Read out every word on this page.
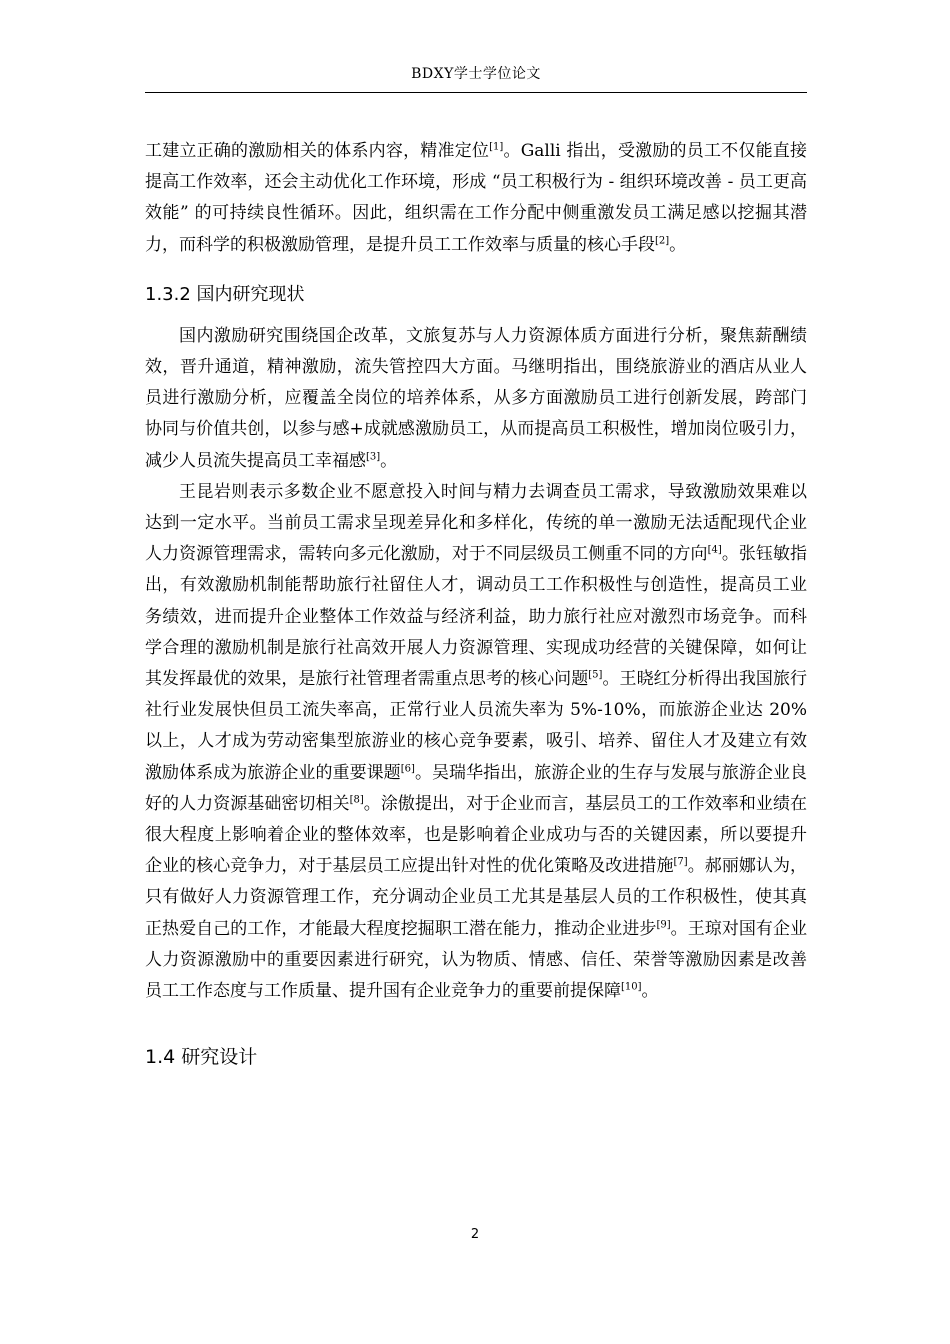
BDXY学士学位论文

工建立正确的激励相关的体系内容，精准定位[1]。Galli 指出，受激励的员工不仅能直接提高工作效率，还会主动优化工作环境，形成 “员工积极行为 - 组织环境改善 - 员工更高效能” 的可持续良性循环。因此，组织需在工作分配中侧重激发员工满足感以挖掘其潜力，而科学的积极激励管理，是提升员工工作效率与质量的核心手段[2]。

1.3.2 国内研究现状

国内激励研究围绕国企改革，文旅复苏与人力资源体质方面进行分析，聚焦薪酬绩效，晋升通道，精神激励，流失管控四大方面。马继明指出，围绕旅游业的酒店从业人员进行激励分析，应覆盖全岗位的培养体系，从多方面激励员工进行创新发展，跨部门协同与价值共创，以参与感+成就感激励员工，从而提高员工积极性，增加岗位吸引力，减少人员流失提高员工幸福感[3]。

王昆岩则表示多数企业不愿意投入时间与精力去调查员工需求，导致激励效果难以达到一定水平。当前员工需求呈现差异化和多样化，传统的单一激励无法适配现代企业人力资源管理需求，需转向多元化激励，对于不同层级员工侧重不同的方向[4]。张钰敏指出，有效激励机制能帮助旅行社留住人才，调动员工工作积极性与创造性，提高员工业务绩效，进而提升企业整体工作效益与经济利益，助力旅行社应对激烈市场竞争。而科学合理的激励机制是旅行社高效开展人力资源管理、实现成功经营的关键保障，如何让其发挥最优的效果，是旅行社管理者需重点思考的核心问题[5]。王晓红分析得出我国旅行社行业发展快但员工流失率高，正常行业人员流失率为 5%-10%，而旅游企业达 20% 以上，人才成为劳动密集型旅游业的核心竞争要素，吸引、培养、留住人才及建立有效激励体系成为旅游企业的重要课题[6]。吴瑞华指出，旅游企业的生存与发展与旅游企业良好的人力资源基础密切相关[8]。涂傲提出，对于企业而言，基层员工的工作效率和业绩在很大程度上影响着企业的整体效率，也是影响着企业成功与否的关键因素，所以要提升企业的核心竞争力，对于基层员工应提出针对性的优化策略及改进措施[7]。郝丽娜认为，只有做好人力资源管理工作，充分调动企业员工尤其是基层人员的工作积极性，使其真正热爱自己的工作，才能最大程度挖掘职工潜在能力，推动企业进步[9]。王琼对国有企业人力资源激励中的重要因素进行研究，认为物质、情感、信任、荣誉等激励因素是改善员工工作态度与工作质量、提升国有企业竞争力的重要前提保障[10]。

1.4 研究设计
2
